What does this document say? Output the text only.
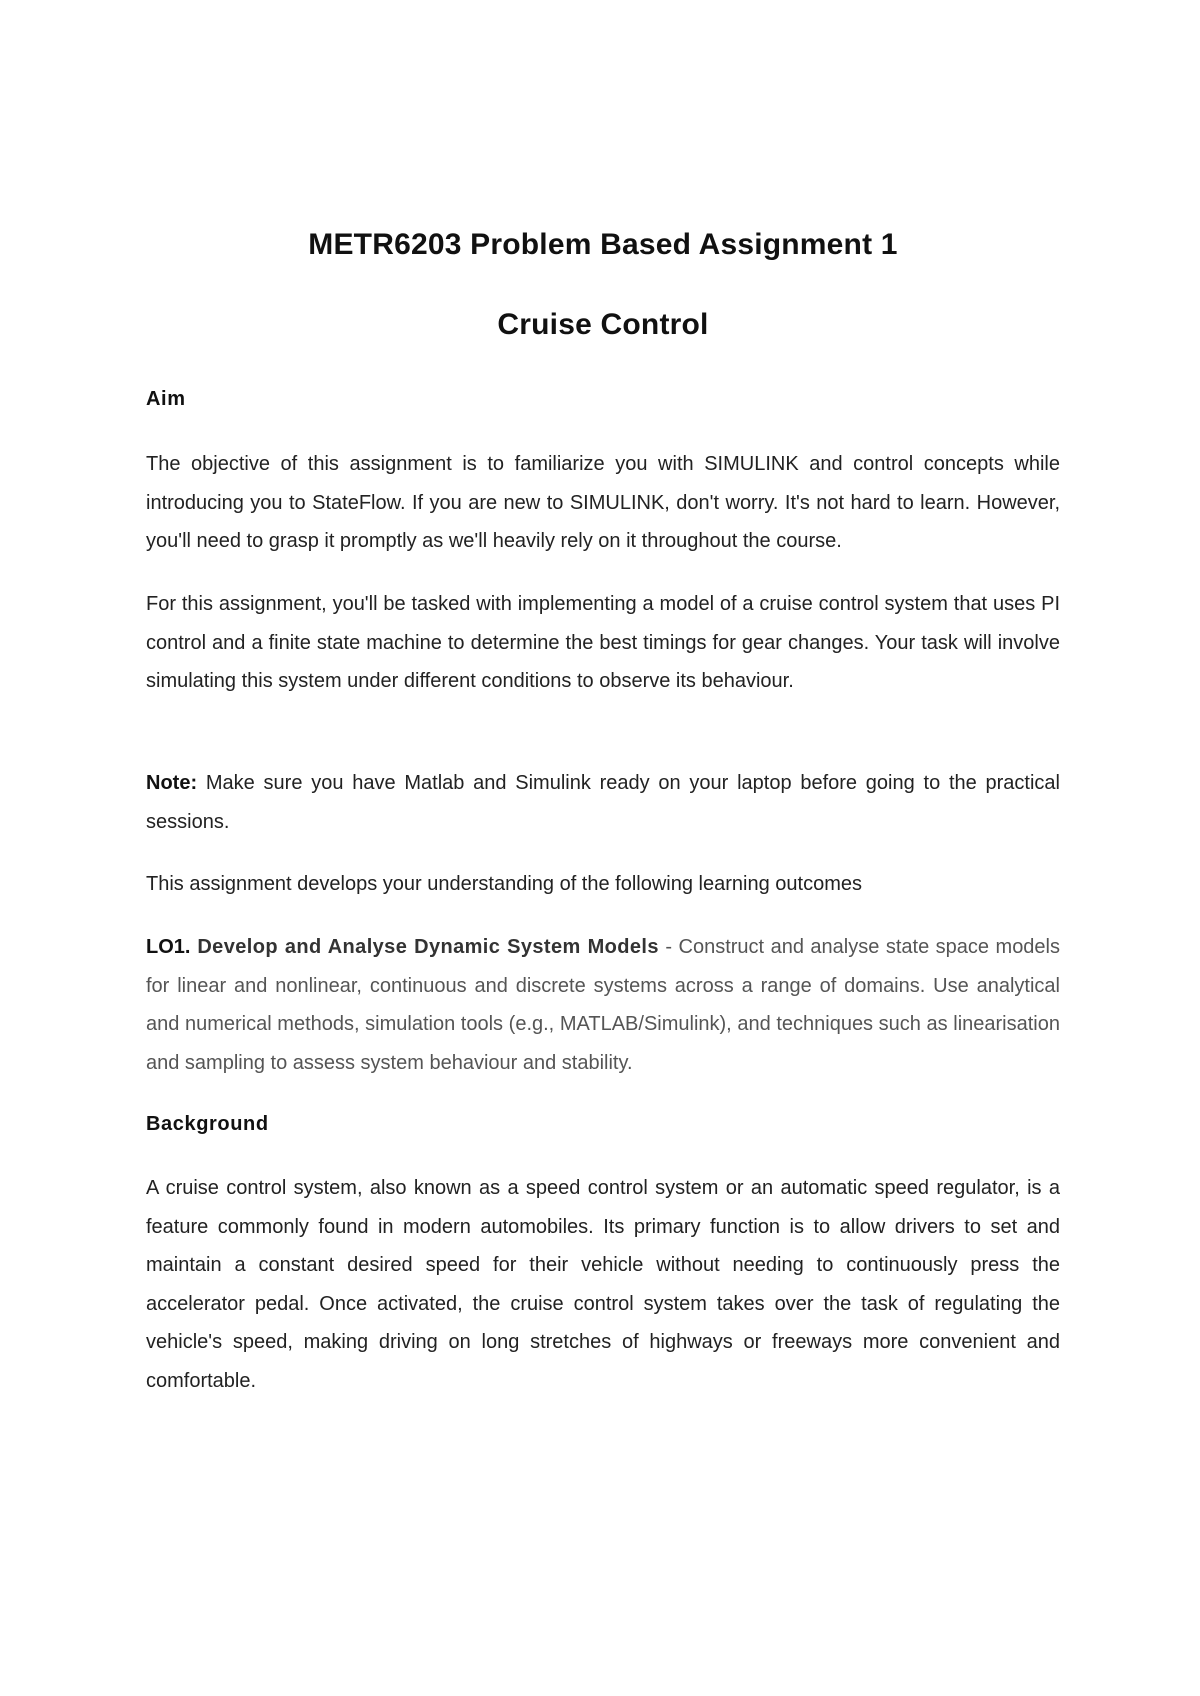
METR6203 Problem Based Assignment 1
Cruise Control
Aim
The objective of this assignment is to familiarize you with SIMULINK and control concepts while introducing you to StateFlow. If you are new to SIMULINK, don't worry. It's not hard to learn. However, you'll need to grasp it promptly as we'll heavily rely on it throughout the course.
For this assignment, you'll be tasked with implementing a model of a cruise control system that uses PI control and a finite state machine to determine the best timings for gear changes. Your task will involve simulating this system under different conditions to observe its behaviour.
Note: Make sure you have Matlab and Simulink ready on your laptop before going to the practical sessions.
This assignment develops your understanding of the following learning outcomes
LO1. Develop and Analyse Dynamic System Models - Construct and analyse state space models for linear and nonlinear, continuous and discrete systems across a range of domains. Use analytical and numerical methods, simulation tools (e.g., MATLAB/Simulink), and techniques such as linearisation and sampling to assess system behaviour and stability.
Background
A cruise control system, also known as a speed control system or an automatic speed regulator, is a feature commonly found in modern automobiles. Its primary function is to allow drivers to set and maintain a constant desired speed for their vehicle without needing to continuously press the accelerator pedal. Once activated, the cruise control system takes over the task of regulating the vehicle's speed, making driving on long stretches of highways or freeways more convenient and comfortable.
